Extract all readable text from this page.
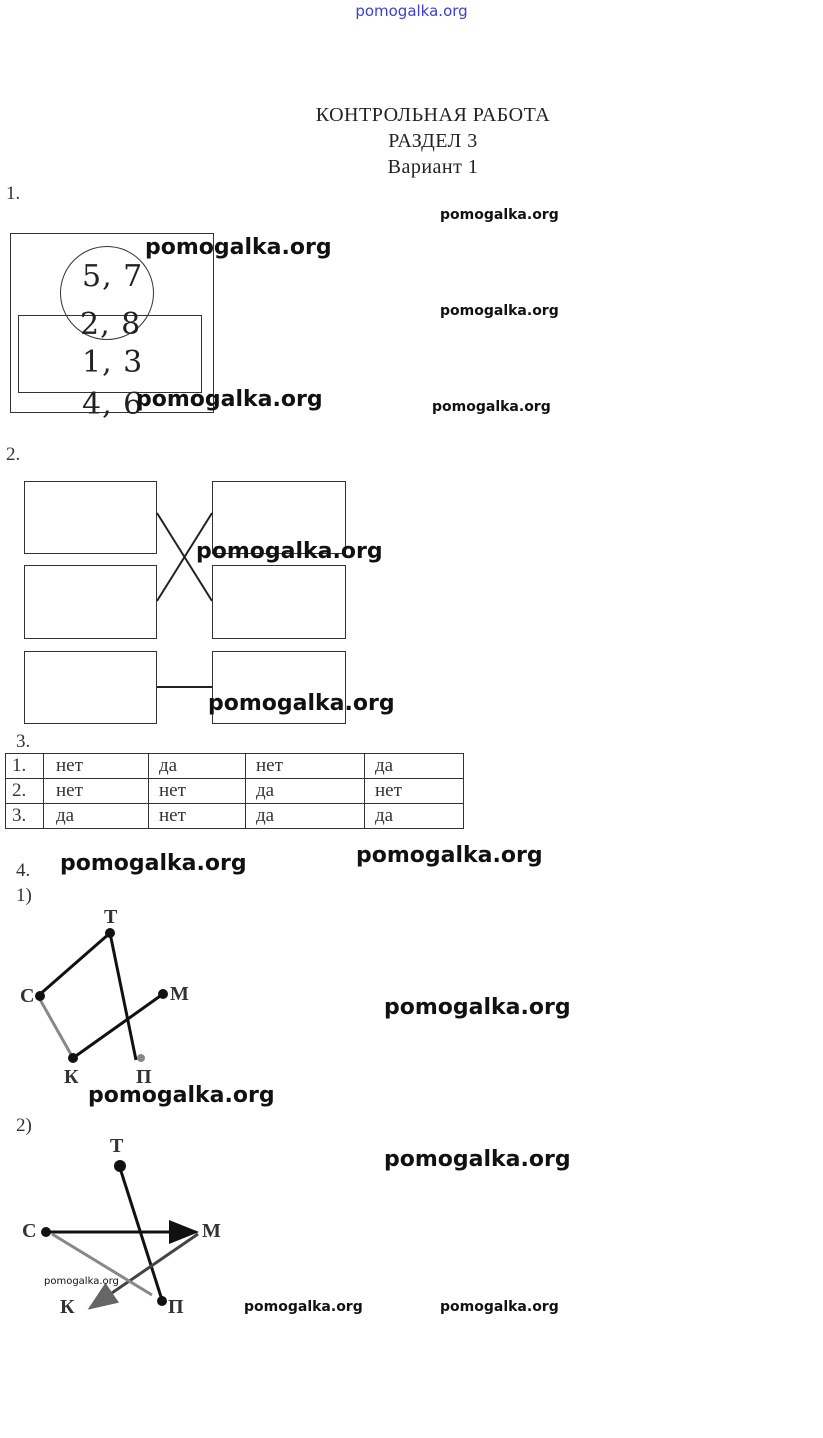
pomogalka.org
КОНТРОЛЬНАЯ РАБОТА
РАЗДЕЛ 3
Вариант 1
1.
5, 7
2, 8
1, 3
4, 6
2.
3.
1.	нет	да	нет	да
2.	нет	нет	да	нет
3.	да	нет	да	да
4.
1)
Т
С	М
К	П
2)
Т
С	М
К	П
pomogalka.org
pomogalka.org
pomogalka.org
pomogalka.org	pomogalka.org
pomogalka.org
pomogalka.org
pomogalka.org
pomogalka.org
pomogalka.org
pomogalka.org
pomogalka.org
pomogalka.org
pomogalka.org	pomogalka.org
